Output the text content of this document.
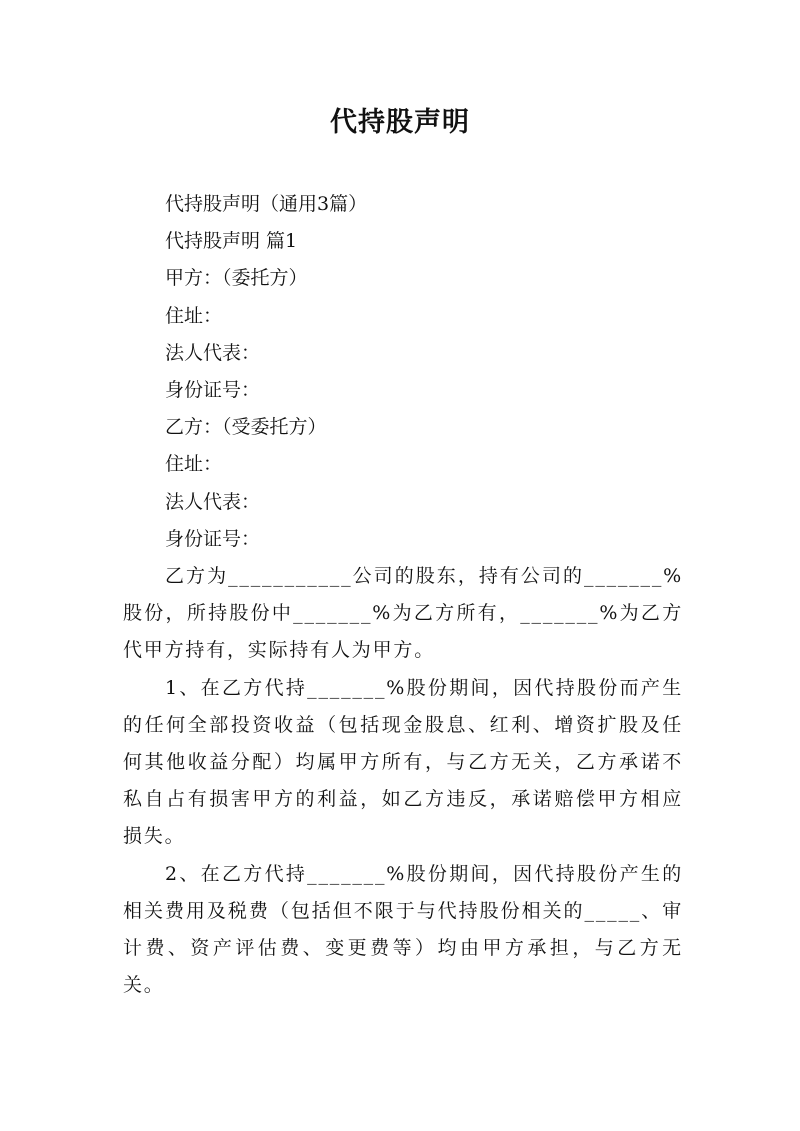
代持股声明

代持股声明（通用3篇）

代持股声明 篇1

甲方：（委托方）

住址：

法人代表：

身份证号：

乙方：（受委托方）

住址：

法人代表：

身份证号：

乙方为___________公司的股东，持有公司的_______%股份，所持股份中_______%为乙方所有，_______%为乙方代甲方持有，实际持有人为甲方。

1、在乙方代持_______%股份期间，因代持股份而产生的任何全部投资收益（包括现金股息、红利、增资扩股及任何其他收益分配）均属甲方所有，与乙方无关，乙方承诺不私自占有损害甲方的利益，如乙方违反，承诺赔偿甲方相应损失。

2、在乙方代持_______%股份期间，因代持股份产生的相关费用及税费（包括但不限于与代持股份相关的_____、审计费、资产评估费、变更费等）均由甲方承担，与乙方无关。
